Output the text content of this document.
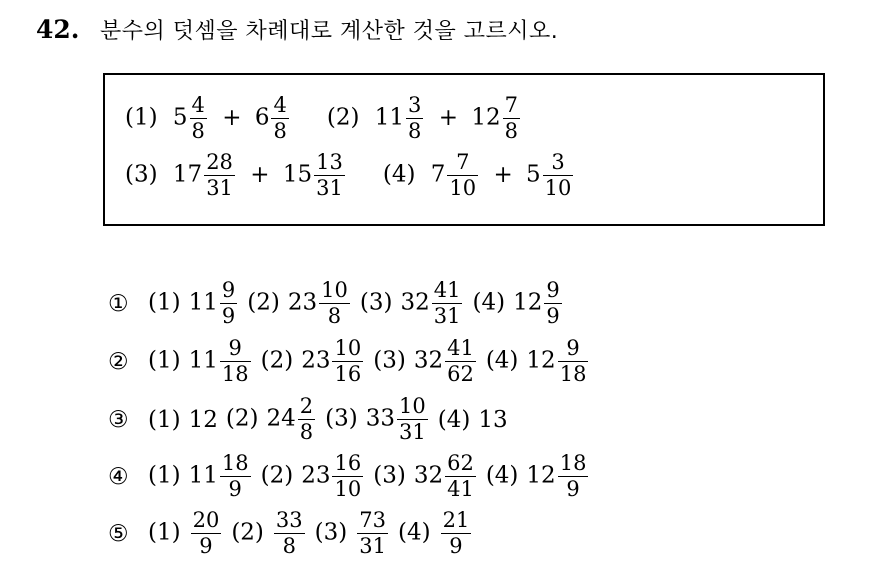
42. 분수의 덧셈을 차례대로 계산한 것을 고르시오.
(1) $5 \frac{4}{8} + 6 \frac{4}{8} (2)$ $11 \frac{3}{8} + 12 \frac{7}{8}$
(3) $17 \frac{28}{31} + 15 \frac{13}{31} (4)$ $7 \frac{7}{10} + 5 \frac{3}{10}$
① (1) $11 \frac{9}{9} (2)$ $23 \frac{10}{8} (3)$ $32 \frac{41}{31} (4)$ $12 \frac{9}{9}$
② (1) $11 \frac{9}{18} (2)$ $23 \frac{10}{16} (3)$ $32 \frac{41}{62} (4)$ $12 \frac{9}{18}$
③ (1) 12 (2) $24 \frac{2}{8} (3)$ $33 \frac{10}{31} (4)$ 13
④ (1) $11 \frac{18}{9} (2)$ $23 \frac{16}{10} (3)$ $32 \frac{62}{41} (4)$ $12 \frac{18}{9}$
⑤ $(1) \frac{20}{9} (2) \frac{33}{8} (3) \frac{73}{31} (4) \frac{21}{9}$
